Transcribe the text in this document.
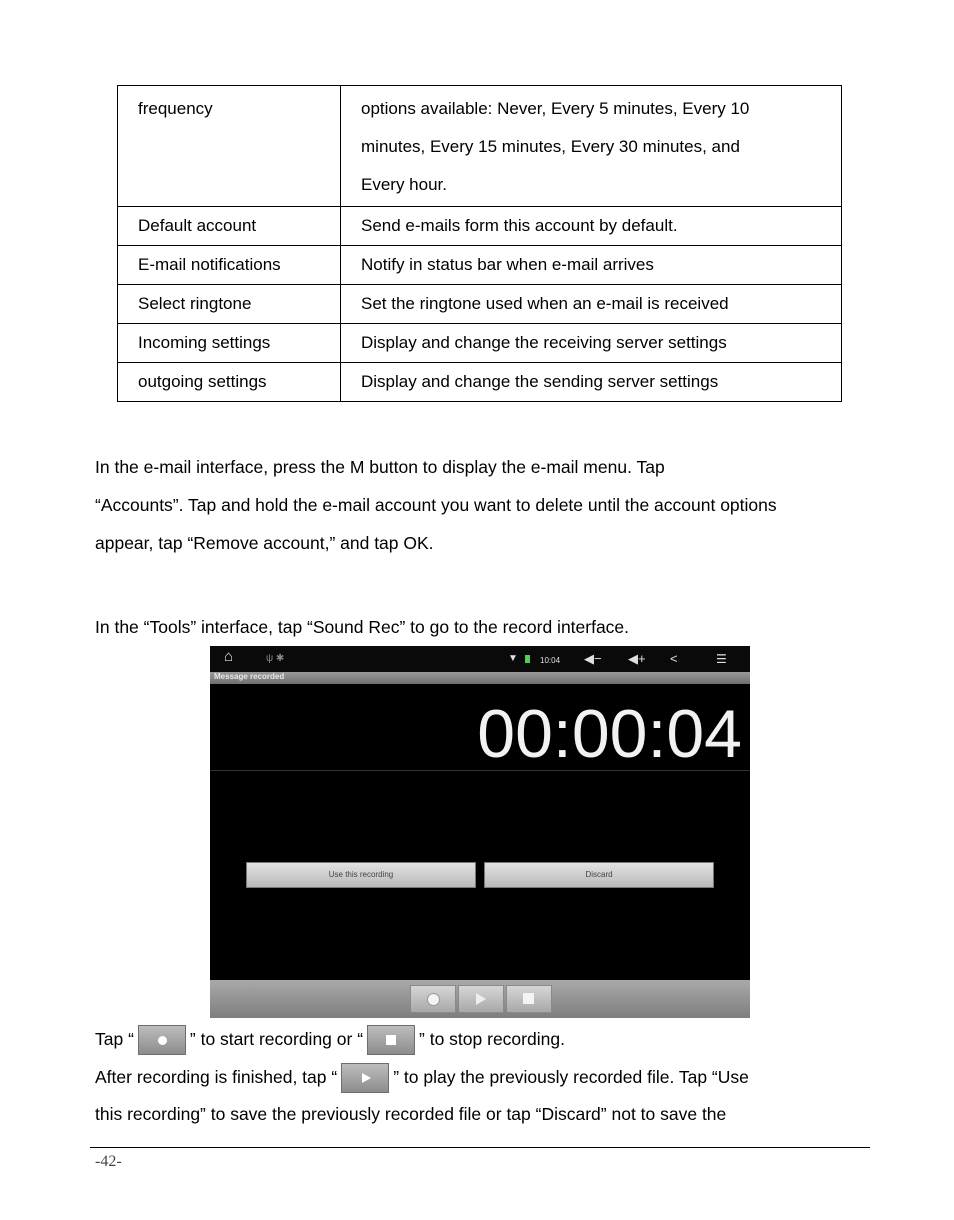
frequency	options available: Never, Every 5 minutes, Every 10
minutes, Every 15 minutes, Every 30 minutes, and
Every hour.

Default account	Send e-mails form this account by default.
E-mail notifications	Notify in status bar when e-mail arrives
Select ringtone	Set the ringtone used when an e-mail is received
Incoming settings	Display and change the receiving server settings
outgoing settings	Display and change the sending server settings
In the e-mail interface, press the M button to display the e-mail menu. Tap
“Accounts”. Tap and hold the e-mail account you want to delete until the account options
appear, tap “Remove account,” and tap OK.
In the “Tools” interface, tap “Sound Rec” to go to the record interface.
⌂	ψ ✱	▼	10:04 ◀− ◀+ <	☰
Message recorded
00:00:04
Use this recording	Discard
Tap “	” to start recording or “	” to stop recording.
After recording is finished, tap “	” to play the previously recorded file. Tap “Use
this recording” to save the previously recorded file or tap “Discard” not to save the
-42-
